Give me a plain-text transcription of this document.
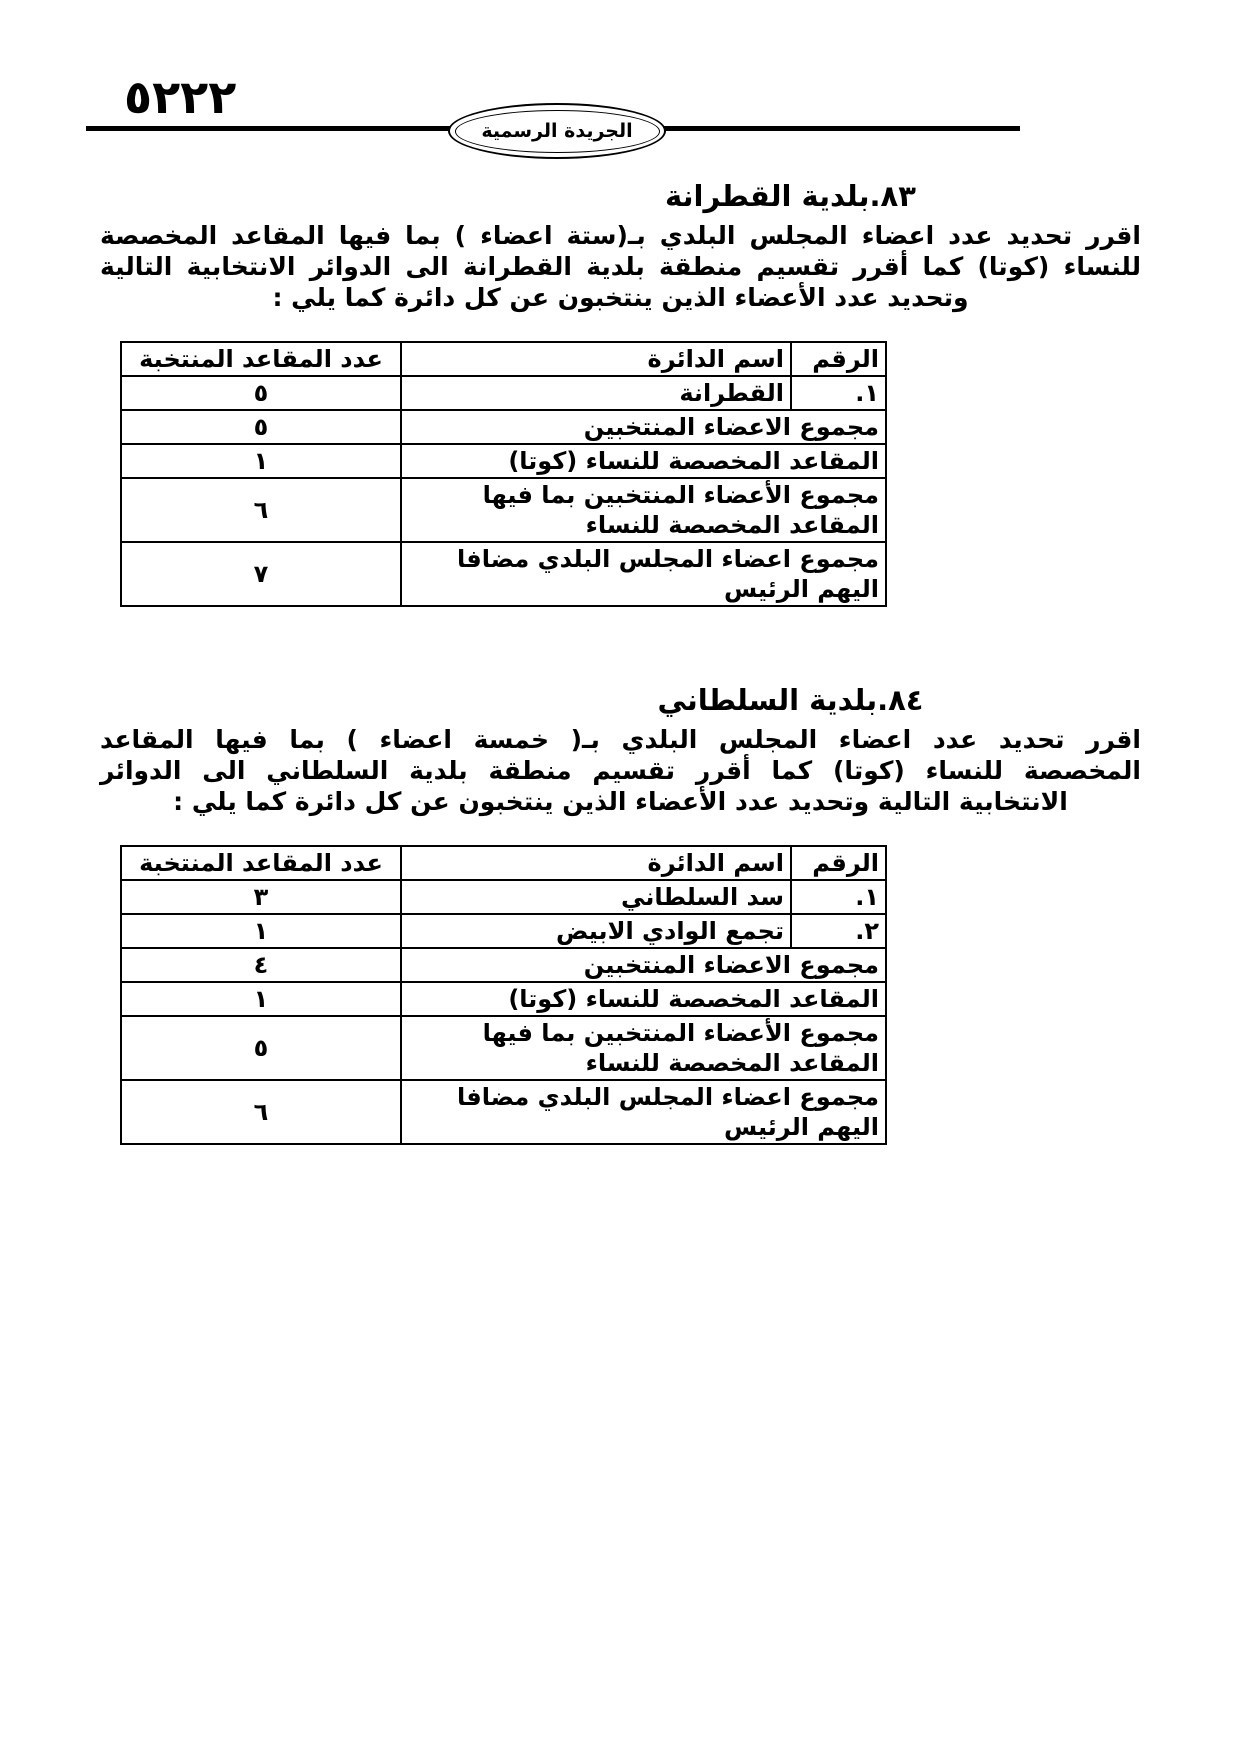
٥٢٢٢
الجريدة الرسمية
٨٣.بلدية القطرانة
اقرر تحديد عدد اعضاء المجلس البلدي بـ(ستة اعضاء ) بما فيها المقاعد المخصصة
للنساء (كوتا) كما أقرر تقسيم منطقة بلدية القطرانة الى الدوائر الانتخابية التالية
وتحديد عدد الأعضاء الذين ينتخبون عن كل دائرة كما يلي :
الرقم	اسم الدائرة	عدد المقاعد المنتخبة
١.	القطرانة	٥
مجموع الاعضاء المنتخبين		٥
المقاعد المخصصة للنساء (كوتا)		١
مجموع الأعضاء المنتخبين بما فيها المقاعد المخصصة للنساء		٦
مجموع اعضاء المجلس البلدي مضافا اليهم الرئيس		٧
٨٤.بلدية السلطاني
اقرر تحديد عدد اعضاء المجلس البلدي بـ( خمسة اعضاء ) بما فيها المقاعد
المخصصة للنساء (كوتا) كما أقرر تقسيم منطقة بلدية السلطاني الى الدوائر
الانتخابية التالية وتحديد عدد الأعضاء الذين ينتخبون عن كل دائرة كما يلي :
الرقم	اسم الدائرة	عدد المقاعد المنتخبة
١.	سد السلطاني	٣
٢.	تجمع الوادي الابيض	١
مجموع الاعضاء المنتخبين		٤
المقاعد المخصصة للنساء (كوتا)		١
مجموع الأعضاء المنتخبين بما فيها المقاعد المخصصة للنساء		٥
مجموع اعضاء المجلس البلدي مضافا اليهم الرئيس		٦
